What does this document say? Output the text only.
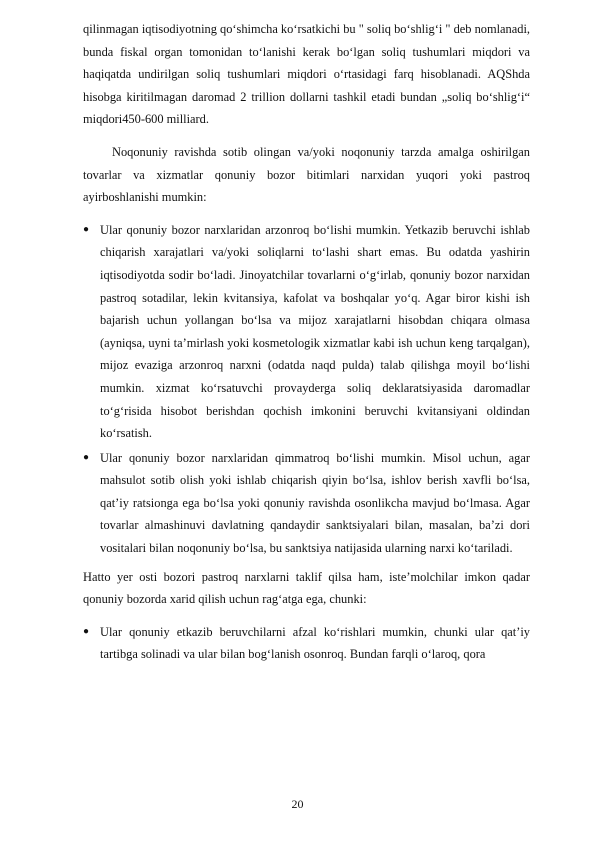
qilinmagan iqtisodiyotning qoʻshimcha koʻrsatkichi bu " soliq boʻshligʻi " deb nomlanadi, bunda fiskal organ tomonidan toʻlanishi kerak boʻlgan soliq tushumlari miqdori va haqiqatda undirilgan soliq tushumlari miqdori oʻrtasidagi farq hisoblanadi. AQShda hisobga kiritilmagan daromad 2 trillion dollarni tashkil etadi bundan „soliq boʻshligʻi“ miqdori450-600 milliard.

Noqonuniy ravishda sotib olingan va/yoki noqonuniy tarzda amalga oshirilgan tovarlar va xizmatlar qonuniy bozor bitimlari narxidan yuqori yoki pastroq ayirboshlanishi mumkin:

● Ular qonuniy bozor narxlaridan arzonroq boʻlishi mumkin. Yetkazib beruvchi ishlab chiqarish xarajatlari va/yoki soliqlarni toʻlashi shart emas. Bu odatda yashirin iqtisodiyotda sodir boʻladi. Jinoyatchilar tovarlarni oʻgʻirlab, qonuniy bozor narxidan pastroq sotadilar, lekin kvitansiya, kafolat va boshqalar yoʻq. Agar biror kishi ish bajarish uchun yollangan boʻlsa va mijoz xarajatlarni hisobdan chiqara olmasa (ayniqsa, uyni taʼmirlash yoki kosmetologik xizmatlar kabi ish uchun keng tarqalgan), mijoz evaziga arzonroq narxni (odatda naqd pulda) talab qilishga moyil boʻlishi mumkin. xizmat koʻrsatuvchi provayderga soliq deklaratsiyasida daromadlar toʻgʻrisida hisobot berishdan qochish imkonini beruvchi kvitansiyani oldindan koʻrsatish.
● Ular qonuniy bozor narxlaridan qimmatroq boʻlishi mumkin. Misol uchun, agar mahsulot sotib olish yoki ishlab chiqarish qiyin boʻlsa, ishlov berish xavfli boʻlsa, qatʼiy ratsionga ega boʻlsa yoki qonuniy ravishda osonlikcha mavjud boʻlmasa. Agar tovarlar almashinuvi davlatning qandaydir sanktsiyalari bilan, masalan, baʼzi dori vositalari bilan noqonuniy boʻlsa, bu sanktsiya natijasida ularning narxi koʻtariladi.

Hatto yer osti bozori pastroq narxlarni taklif qilsa ham, isteʼmolchilar imkon qadar qonuniy bozorda xarid qilish uchun ragʻatga ega, chunki:

● Ular qonuniy etkazib beruvchilarni afzal koʻrishlari mumkin, chunki ular qatʼiy tartibga solinadi va ular bilan bogʻlanish osonroq. Bundan farqli oʻlaroq, qora
20
